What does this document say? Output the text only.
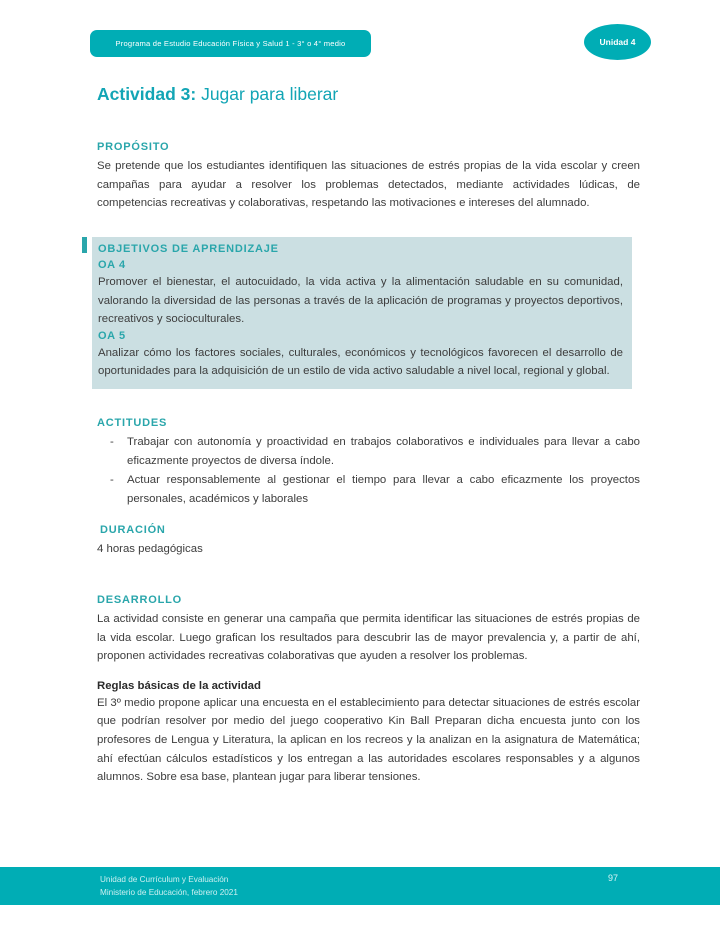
Programa de Estudio Educación Física y Salud 1 - 3° o 4° medio	Unidad 4
Actividad 3: Jugar para liberar
PROPÓSITO
Se pretende que los estudiantes identifiquen las situaciones de estrés propias de la vida escolar y creen campañas para ayudar a resolver los problemas detectados, mediante actividades lúdicas, de competencias recreativas y colaborativas, respetando las motivaciones e intereses del alumnado.
OBJETIVOS DE APRENDIZAJE
OA 4
Promover el bienestar, el autocuidado, la vida activa y la alimentación saludable en su comunidad, valorando la diversidad de las personas a través de la aplicación de programas y proyectos deportivos, recreativos y socioculturales.
OA 5
Analizar cómo los factores sociales, culturales, económicos y tecnológicos favorecen el desarrollo de oportunidades para la adquisición de un estilo de vida activo saludable a nivel local, regional y global.
ACTITUDES
-	Trabajar con autonomía y proactividad en trabajos colaborativos e individuales para llevar a cabo eficazmente proyectos de diversa índole.
-	Actuar responsablemente al gestionar el tiempo para llevar a cabo eficazmente los proyectos personales, académicos y laborales
DURACIÓN
4 horas pedagógicas
DESARROLLO
La actividad consiste en generar una campaña que permita identificar las situaciones de estrés propias de la vida escolar. Luego grafican los resultados para descubrir las de mayor prevalencia y, a partir de ahí, proponen actividades recreativas colaborativas que ayuden a resolver los problemas.
Reglas básicas de la actividad
El 3º medio propone aplicar una encuesta en el establecimiento para detectar situaciones de estrés escolar que podrían resolver por medio del juego cooperativo Kin Ball Preparan dicha encuesta junto con los profesores de Lengua y Literatura, la aplican en los recreos y la analizan en la asignatura de Matemática; ahí efectúan cálculos estadísticos y los entregan a las autoridades escolares responsables y a algunos alumnos. Sobre esa base, plantean jugar para liberar tensiones.
Unidad de Currículum y Evaluación
Ministerio de Educación, febrero 2021
97
